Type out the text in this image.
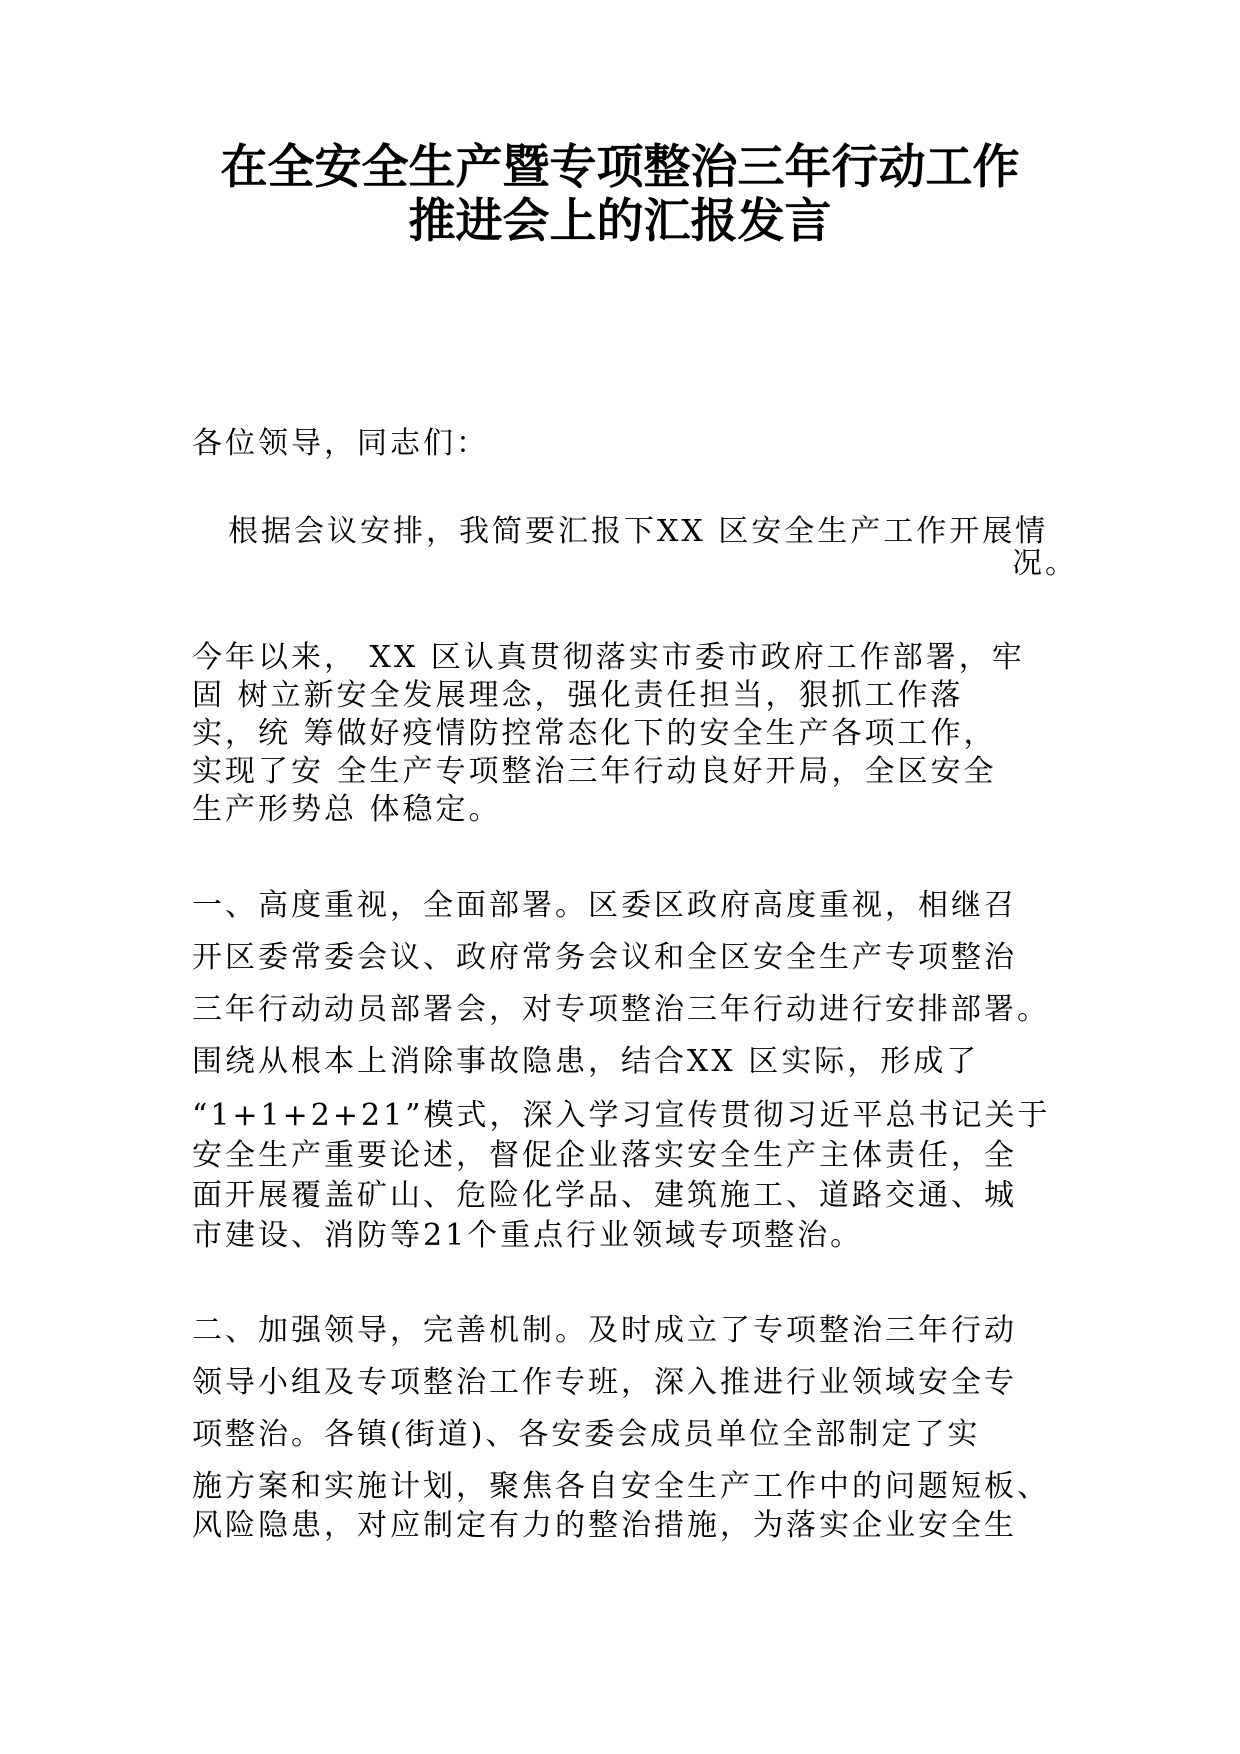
在全安全生产暨专项整治三年行动工作
推进会上的汇报发言
各位领导，同志们：
根据会议安排，我简要汇报下XX 区安全生产工作开展情
况。
今年以来， XX 区认真贯彻落实市委市政府工作部署，牢
固 树立新安全发展理念，强化责任担当，狠抓工作落
实，统 筹做好疫情防控常态化下的安全生产各项工作，
实现了安 全生产专项整治三年行动良好开局，全区安全
生产形势总 体稳定。
一、高度重视，全面部署。区委区政府高度重视，相继召
开区委常委会议、政府常务会议和全区安全生产专项整治
三年行动动员部署会，对专项整治三年行动进行安排部署。
围绕从根本上消除事故隐患，结合XX 区实际，形成了
“1+1+2+21”模式，深入学习宣传贯彻习近平总书记关于
安全生产重要论述，督促企业落实安全生产主体责任，全
面开展覆盖矿山、危险化学品、建筑施工、道路交通、城
市建设、消防等21个重点行业领域专项整治。
二、加强领导，完善机制。及时成立了专项整治三年行动
领导小组及专项整治工作专班，深入推进行业领域安全专
项整治。各镇(街道)、各安委会成员单位全部制定了实
施方案和实施计划，聚焦各自安全生产工作中的问题短板、
风险隐患，对应制定有力的整治措施，为落实企业安全生
